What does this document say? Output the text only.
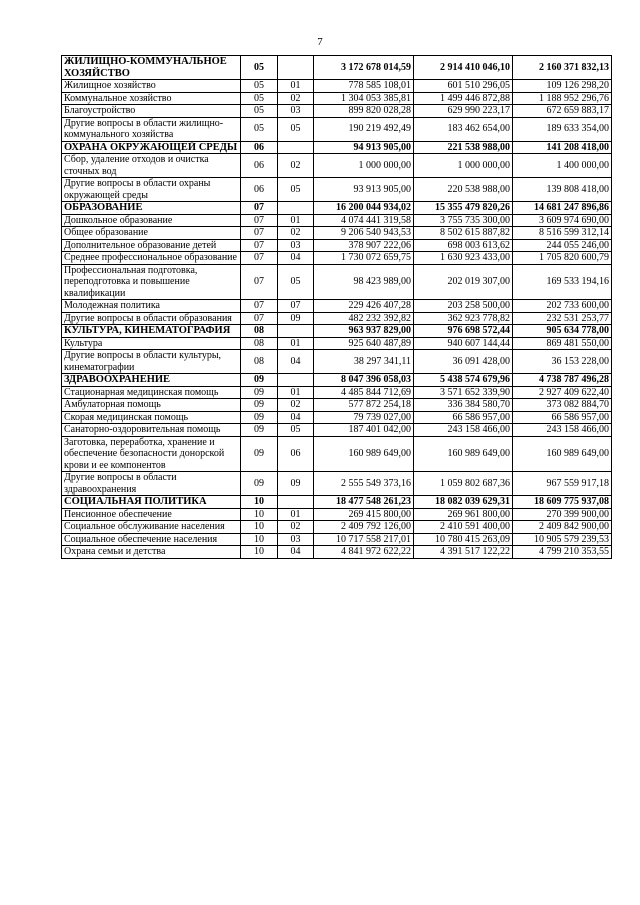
7
ЖИЛИЩНО-КОММУНАЛЬНОЕ ХОЗЯЙСТВО	05		3 172 678 014,59	2 914 410 046,10	2 160 371 832,13
Жилищное хозяйство	05	01	778 585 108,01	601 510 296,05	109 126 298,20
Коммунальное хозяйство	05	02	1 304 053 385,81	1 499 446 872,88	1 188 952 296,76
Благоустройство	05	03	899 820 028,28	629 990 223,17	672 659 883,17
Другие вопросы в области жилищно-коммунального хозяйства	05	05	190 219 492,49	183 462 654,00	189 633 354,00
ОХРАНА ОКРУЖАЮЩЕЙ СРЕДЫ	06		94 913 905,00	221 538 988,00	141 208 418,00
Сбор, удаление отходов и очистка сточных вод	06	02	1 000 000,00	1 000 000,00	1 400 000,00
Другие вопросы в области охраны окружающей среды	06	05	93 913 905,00	220 538 988,00	139 808 418,00
ОБРАЗОВАНИЕ	07		16 200 044 934,02	15 355 479 820,26	14 681 247 896,86
Дошкольное образование	07	01	4 074 441 319,58	3 755 735 300,00	3 609 974 690,00
Общее образование	07	02	9 206 540 943,53	8 502 615 887,82	8 516 599 312,14
Дополнительное образование детей	07	03	378 907 222,06	698 003 613,62	244 055 246,00
Среднее профессиональное образование	07	04	1 730 072 659,75	1 630 923 433,00	1 705 820 600,79
Профессиональная подготовка, переподготовка и повышение квалификации	07	05	98 423 989,00	202 019 307,00	169 533 194,16
Молодежная политика	07	07	229 426 407,28	203 258 500,00	202 733 600,00
Другие вопросы в области образования	07	09	482 232 392,82	362 923 778,82	232 531 253,77
КУЛЬТУРА, КИНЕМАТОГРАФИЯ	08		963 937 829,00	976 698 572,44	905 634 778,00
Культура	08	01	925 640 487,89	940 607 144,44	869 481 550,00
Другие вопросы в области культуры, кинематографии	08	04	38 297 341,11	36 091 428,00	36 153 228,00
ЗДРАВООХРАНЕНИЕ	09		8 047 396 058,03	5 438 574 679,96	4 738 787 496,28
Стационарная медицинская помощь	09	01	4 485 844 712,69	3 571 652 339,90	2 927 409 622,40
Амбулаторная помощь	09	02	577 872 254,18	336 384 580,70	373 082 884,70
Скорая медицинская помощь	09	04	79 739 027,00	66 586 957,00	66 586 957,00
Санаторно-оздоровительная помощь	09	05	187 401 042,00	243 158 466,00	243 158 466,00
Заготовка, переработка, хранение и обеспечение безопасности донорской крови и ее компонентов	09	06	160 989 649,00	160 989 649,00	160 989 649,00
Другие вопросы в области здравоохранения	09	09	2 555 549 373,16	1 059 802 687,36	967 559 917,18
СОЦИАЛЬНАЯ ПОЛИТИКА	10		18 477 548 261,23	18 082 039 629,31	18 609 775 937,08
Пенсионное обеспечение	10	01	269 415 800,00	269 961 800,00	270 399 900,00
Социальное обслуживание населения	10	02	2 409 792 126,00	2 410 591 400,00	2 409 842 900,00
Социальное обеспечение населения	10	03	10 717 558 217,01	10 780 415 263,09	10 905 579 239,53
Охрана семьи и детства	10	04	4 841 972 622,22	4 391 517 122,22	4 799 210 353,55
